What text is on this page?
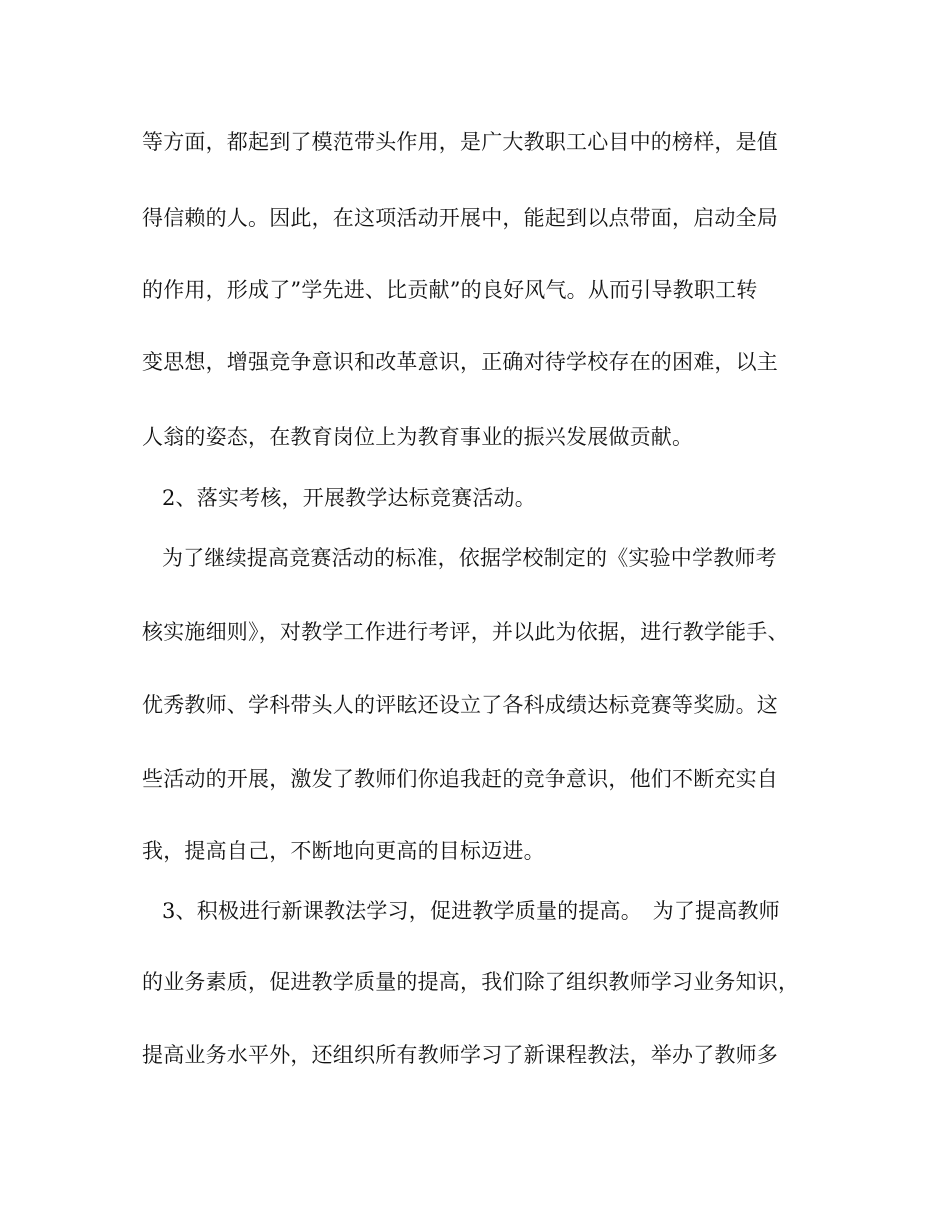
等方面，都起到了模范带头作用，是广大教职工心目中的榜样，是值
得信赖的人。因此，在这项活动开展中，能起到以点带面，启动全局
的作用，形成了”学先进、比贡献”的良好风气。从而引导教职工转
变思想，增强竞争意识和改革意识，正确对待学校存在的困难，以主
人翁的姿态，在教育岗位上为教育事业的振兴发展做贡献。
2、落实考核，开展教学达标竞赛活动。
为了继续提高竞赛活动的标准，依据学校制定的《实验中学教师考
核实施细则》，对教学工作进行考评，并以此为依据，进行教学能手、
优秀教师、学科带头人的评眩还设立了各科成绩达标竞赛等奖励。这
些活动的开展，激发了教师们你追我赶的竞争意识，他们不断充实自
我，提高自己，不断地向更高的目标迈进。
3、积极进行新课教法学习，促进教学质量的提高。　为了提高教师
的业务素质，促进教学质量的提高，我们除了组织教师学习业务知识，
提高业务水平外，还组织所有教师学习了新课程教法，举办了教师多
